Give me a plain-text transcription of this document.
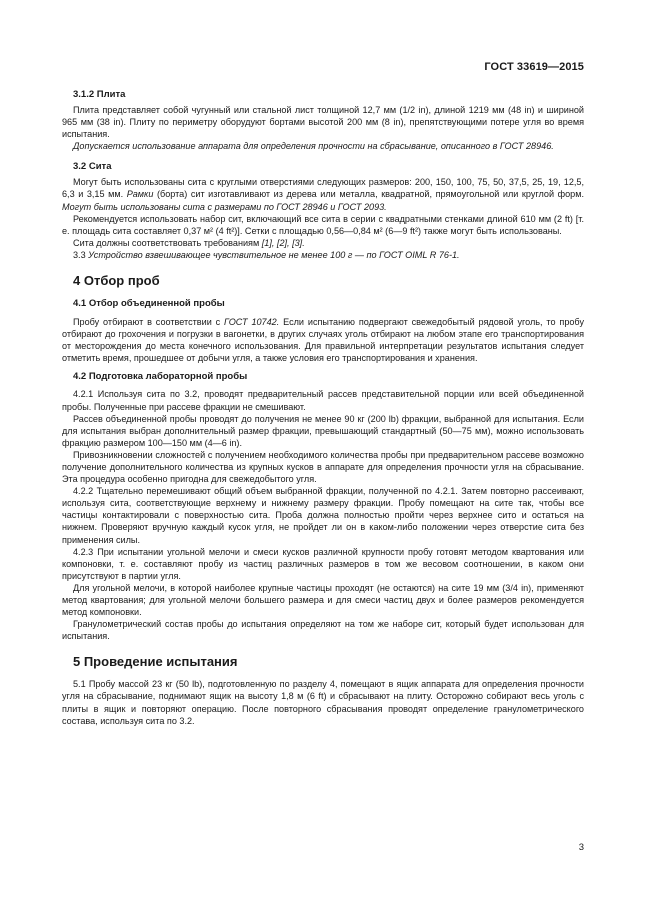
ГОСТ 33619—2015
3.1.2 Плита

Плита представляет собой чугунный или стальной лист толщиной 12,7 мм (1/2 in), длиной 1219 мм (48 in) и шириной 965 мм (38 in). Плиту по периметру оборудуют бортами высотой 200 мм (8 in), препятствующими потере угля во время испытания.

Допускается использование аппарата для определения прочности на сбрасывание, описанного в ГОСТ 28946.

3.2 Сита

Могут быть использованы сита с круглыми отверстиями следующих размеров: 200, 150, 100, 75, 50, 37,5, 25, 19, 12,5, 6,3 и 3,15 мм. Рамки (борта) сит изготавливают из дерева или металла, квадратной, прямоугольной или круглой форм. Могут быть использованы сита с размерами по ГОСТ 28946 и ГОСТ 2093.

Рекомендуется использовать набор сит, включающий все сита в серии с квадратными стенками длиной 610 мм (2 ft) [т. е. площадь сита составляет 0,37 м² (4 ft²)]. Сетки с площадью 0,56—0,84 м² (6—9 ft²) также могут быть использованы.

Сита должны соответствовать требованиям [1], [2], [3].

3.3 Устройство взвешивающее чувствительное не менее 100 г — по ГОСТ OIML R 76-1.

4 Отбор проб
4.1 Отбор объединенной пробы

Пробу отбирают в соответствии с ГОСТ 10742. Если испытанию подвергают свежедобытый рядовой уголь, то пробу отбирают до грохочения и погрузки в вагонетки, в других случаях уголь отбирают на любом этапе его транспортирования от месторождения до места конечного использования. Для правильной интерпретации результатов испытания следует отметить время, прошедшее от добычи угля, а также условия его транспортирования и хранения.

4.2 Подготовка лабораторной пробы

4.2.1 Используя сита по 3.2, проводят предварительный рассев представительной порции или всей объединенной пробы. Полученные при рассеве фракции не смешивают.

Рассев объединенной пробы проводят до получения не менее 90 кг (200 lb) фракции, выбранной для испытания. Если для испытания выбран дополнительный размер фракции, превышающий стандартный (50—75 мм), можно использовать фракцию размером 100—150 мм (4—6 in).

Привозникновении сложностей с получением необходимого количества пробы при предварительном рассеве возможно получение дополнительного количества из крупных кусков в аппарате для определения прочности угля на сбрасывание. Эта процедура особенно пригодна для свежедобытого угля.

4.2.2 Тщательно перемешивают общий объем выбранной фракции, полученной по 4.2.1. Затем повторно рассеивают, используя сита, соответствующие верхнему и нижнему размеру фракции. Пробу помещают на сите так, чтобы все частицы контактировали с поверхностью сита. Проба должна полностью пройти через верхнее сито и остаться на нижнем. Проверяют вручную каждый кусок угля, не пройдет ли он в каком-либо положении через отверстие сита без применения силы.

4.2.3 При испытании угольной мелочи и смеси кусков различной крупности пробу готовят методом квартования или компоновки, т. е. составляют пробу из частиц различных размеров в том же весовом соотношении, в каком они присутствуют в партии угля.

Для угольной мелочи, в которой наиболее крупные частицы проходят (не остаются) на сите 19 мм (3/4 in), применяют метод квартования; для угольной мелочи большего размера и для смеси частиц двух и более размеров рекомендуется метод компоновки.

Гранулометрический состав пробы до испытания определяют на том же наборе сит, который будет использован для испытания.

5 Проведение испытания

5.1 Пробу массой 23 кг (50 lb), подготовленную по разделу 4, помещают в ящик аппарата для определения прочности угля на сбрасывание, поднимают ящик на высоту 1,8 м (6 ft) и сбрасывают на плиту. Осторожно собирают весь уголь с плиты в ящик и повторяют операцию. После повторного сбрасывания проводят определение гранулометрического состава, используя сита по 3.2.

3
